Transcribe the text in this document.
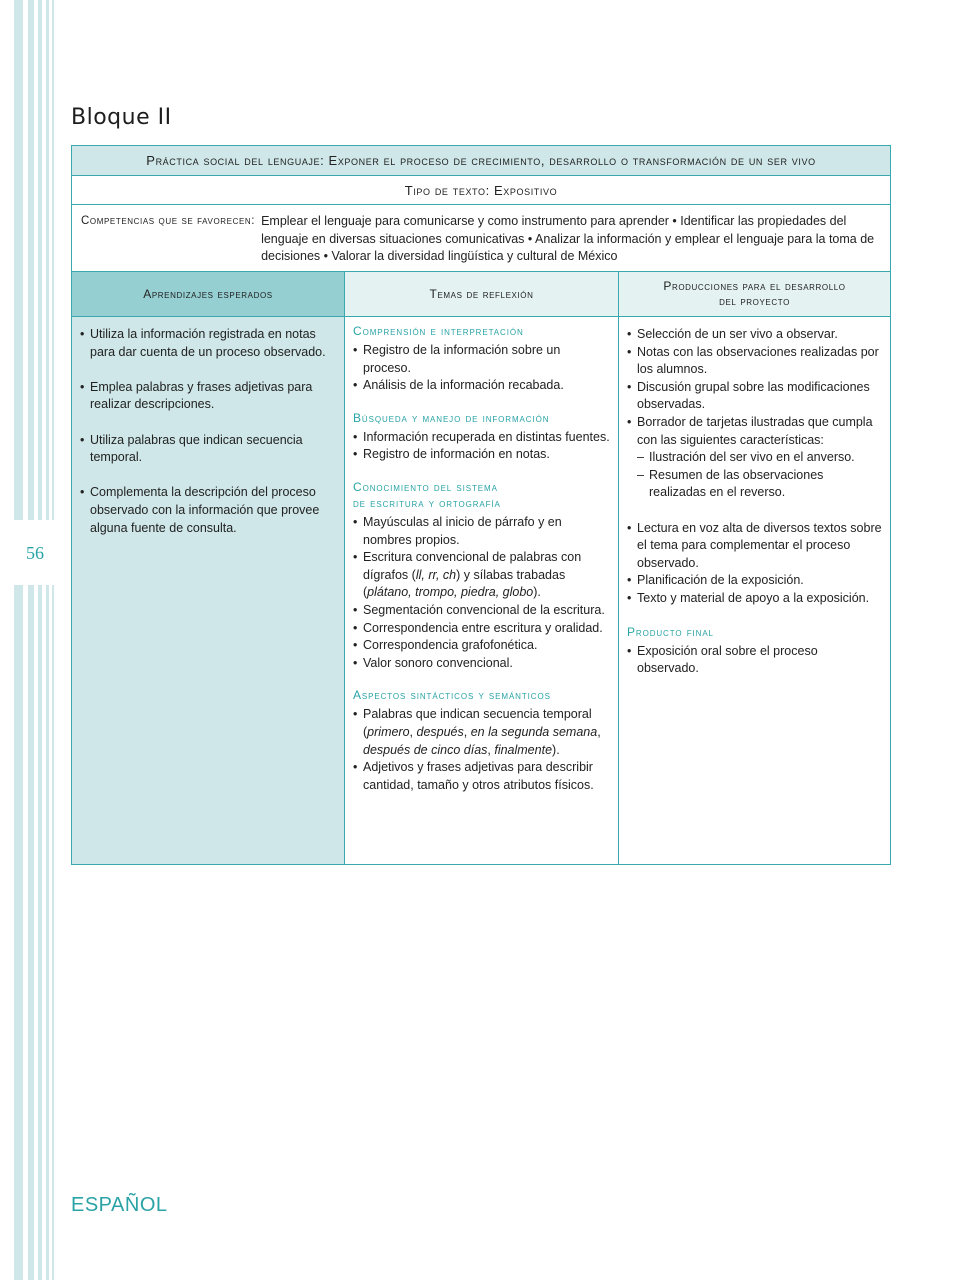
56
Bloque II
Práctica social del lenguaje: Exponer el proceso de crecimiento, desarrollo o transformación de un ser vivo
Tipo de texto: Expositivo
Competencias que se favorecen: Emplear el lenguaje para comunicarse y como instrumento para aprender • Identificar las propiedades del lenguaje en diversas situaciones comunicativas • Analizar la información y emplear el lenguaje para la toma de decisiones • Valorar la diversidad lingüística y cultural de México
Aprendizajes esperados	Temas de reflexión
Producciones para el desarrollo
del proyecto
• Utiliza la información registrada en notas para dar cuenta de un proceso observado.
• Emplea palabras y frases adjetivas para realizar descripciones.
• Utiliza palabras que indican secuencia temporal.
• Complementa la descripción del proceso observado con la información que provee alguna fuente de consulta.
Comprensión e interpretación
• Registro de la información sobre un proceso.
• Análisis de la información recabada.
Búsqueda y manejo de información
• Información recuperada en distintas fuentes.
• Registro de información en notas.
Conocimiento del sistema
de escritura y ortografía
• Mayúsculas al inicio de párrafo y en nombres propios.
• Escritura convencional de palabras con dígrafos (ll, rr, ch) y sílabas trabadas (plátano, trompo, piedra, globo).
• Segmentación convencional de la escritura.
• Correspondencia entre escritura y oralidad.
• Correspondencia grafofonética.
• Valor sonoro convencional.
Aspectos sintácticos y semánticos
• Palabras que indican secuencia temporal (primero, después, en la segunda semana, después de cinco días, finalmente).
• Adjetivos y frases adjetivas para describir cantidad, tamaño y otros atributos físicos.
• Selección de un ser vivo a observar.
• Notas con las observaciones realizadas por los alumnos.
• Discusión grupal sobre las modificaciones observadas.
• Borrador de tarjetas ilustradas que cumpla con las siguientes características:
– Ilustración del ser vivo en el anverso.
– Resumen de las observaciones realizadas en el reverso.
• Lectura en voz alta de diversos textos sobre el tema para complementar el proceso observado.
• Planificación de la exposición.
• Texto y material de apoyo a la exposición.
Producto final
• Exposición oral sobre el proceso observado.
ESPAÑOL
